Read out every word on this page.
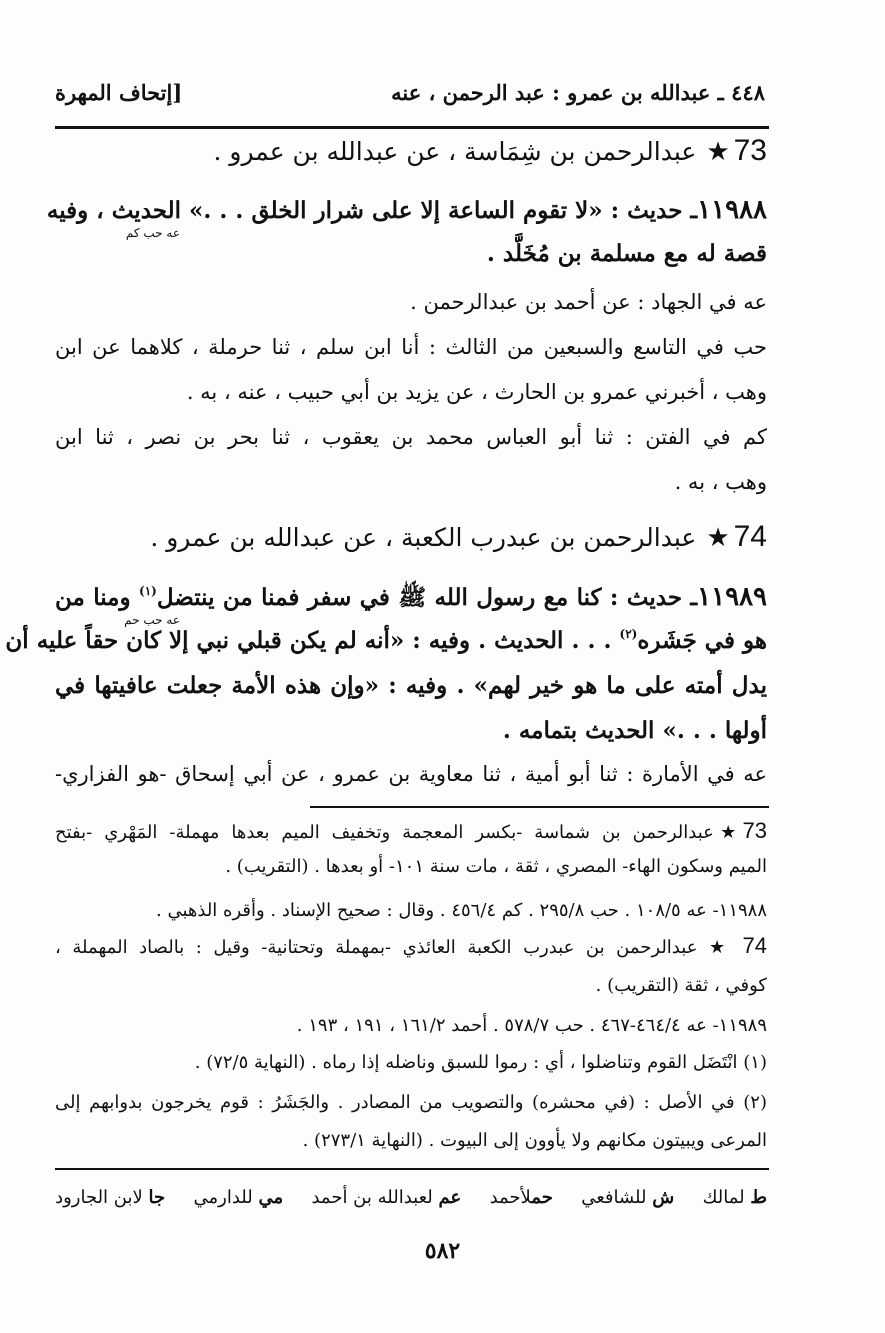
٤٤٨ ـ عبدالله بن عمرو : عبد الرحمن ، عنه
[إتحاف المهرة
73★عبدالرحمن بن شِمَاسة ، عن عبدالله بن عمرو .
١١٩٨٨ـ حديث : «لا تقوم الساعة إلا على شرار الخلق . . .» الحديث ، وفيه
عه حب كم
قصة له مع مسلمة بن مُخَلَّد .
عه في الجهاد : عن أحمد بن عبدالرحمن .
حب في التاسع والسبعين من الثالث : أنا ابن سلم ، ثنا حرملة ، كلاهما عن ابن
وهب ، أخبرني عمرو بن الحارث ، عن يزيد بن أبي حبيب ، عنه ، به .
كم في الفتن : ثنا أبو العباس محمد بن يعقوب ، ثنا بحر بن نصر ، ثنا ابن
وهب ، به .
74★عبدالرحمن بن عبدرب الكعبة ، عن عبدالله بن عمرو .
١١٩٨٩ـ حديث : كنا مع رسول الله ﷺ في سفر فمنا من ينتضل$^{(١)}$ ومنا من
عه حب حم
هو في جَشَره$^{(٢)}$ . . . الحديث . وفيه : «أنه لم يكن قبلي نبي إلا كان حقاً عليه أن
يدل أمته على ما هو خير لهم» . وفيه : «وإن هذه الأمة جعلت عافيتها في
أولها . . .» الحديث بتمامه .
عه في الأمارة : ثنا أبو أمية ، ثنا معاوية بن عمرو ، عن أبي إسحاق -هو الفزاري-
73★عبدالرحمن بن شماسة -بكسر المعجمة وتخفيف الميم بعدها مهملة- المَهْري -بفتح
الميم وسكون الهاء- المصري ، ثقة ، مات سنة ١٠١- أو بعدها . (التقريب) .
١١٩٨٨- عه ١٠٨/٥ . حب ٢٩٥/٨ . كم ٤٥٦/٤ . وقال : صحيح الإسناد . وأقره الذهبي .
74 ★ عبدالرحمن بن عبدرب الكعبة العائذي -بمهملة وتحتانية- وقيل : بالصاد المهملة ،
كوفي ، ثقة (التقريب) .
١١٩٨٩- عه ٤٦٤/٤-٤٦٧ . حب ٥٧٨/٧ . أحمد ١٦١/٢ ، ١٩١ ، ١٩٣ .
(١) انْتَضَل القوم وتناضلوا ، أي : رموا للسبق وناضله إذا رماه . (النهاية ٧٢/٥) .
(٢) في الأصل : (في محشره) والتصويب من المصادر . والجَشَرُ : قوم يخرجون بدوابهم إلى
المرعى ويبيتون مكانهم ولا يأوون إلى البيوت . (النهاية ٢٧٣/١) .
ط لمالك
ش للشافعي
حملأحمد
عم لعبدالله بن أحمد
مي للدارمي
جا لابن الجارود
٥٨٢
